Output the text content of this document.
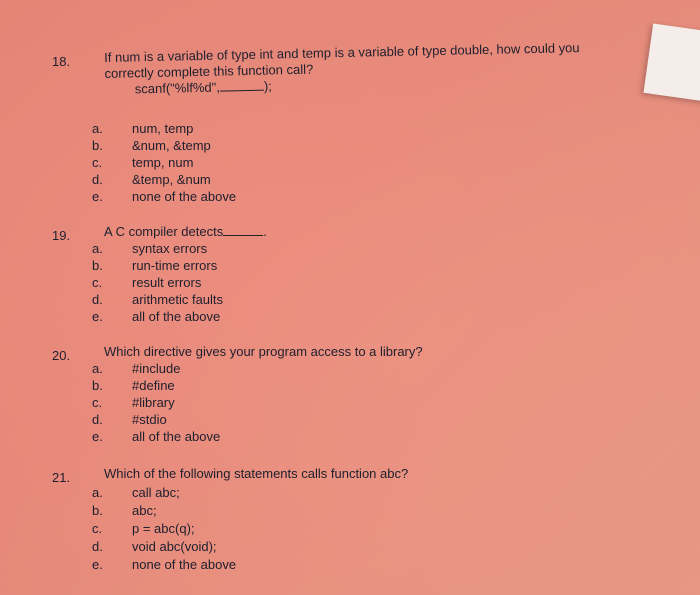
18.	If num is a variable of type int and temp is a variable of type double, how could you
correctly complete this function call?
scanf("%lf%d",	);
a. num, temp
b. &num, &temp
c. temp, num
d. &temp, &num
e. none of the above
19.	A C compiler detects	.
a. syntax errors
b. run-time errors
c. result errors
d. arithmetic faults
e. all of the above
20.	Which directive gives your program access to a library?
a. #include
b. #define
c. #library
d. #stdio
e. all of the above
21.	Which of the following statements calls function abc?
a. call abc;
b. abc;
c. p = abc(q);
d. void abc(void);
e. none of the above
